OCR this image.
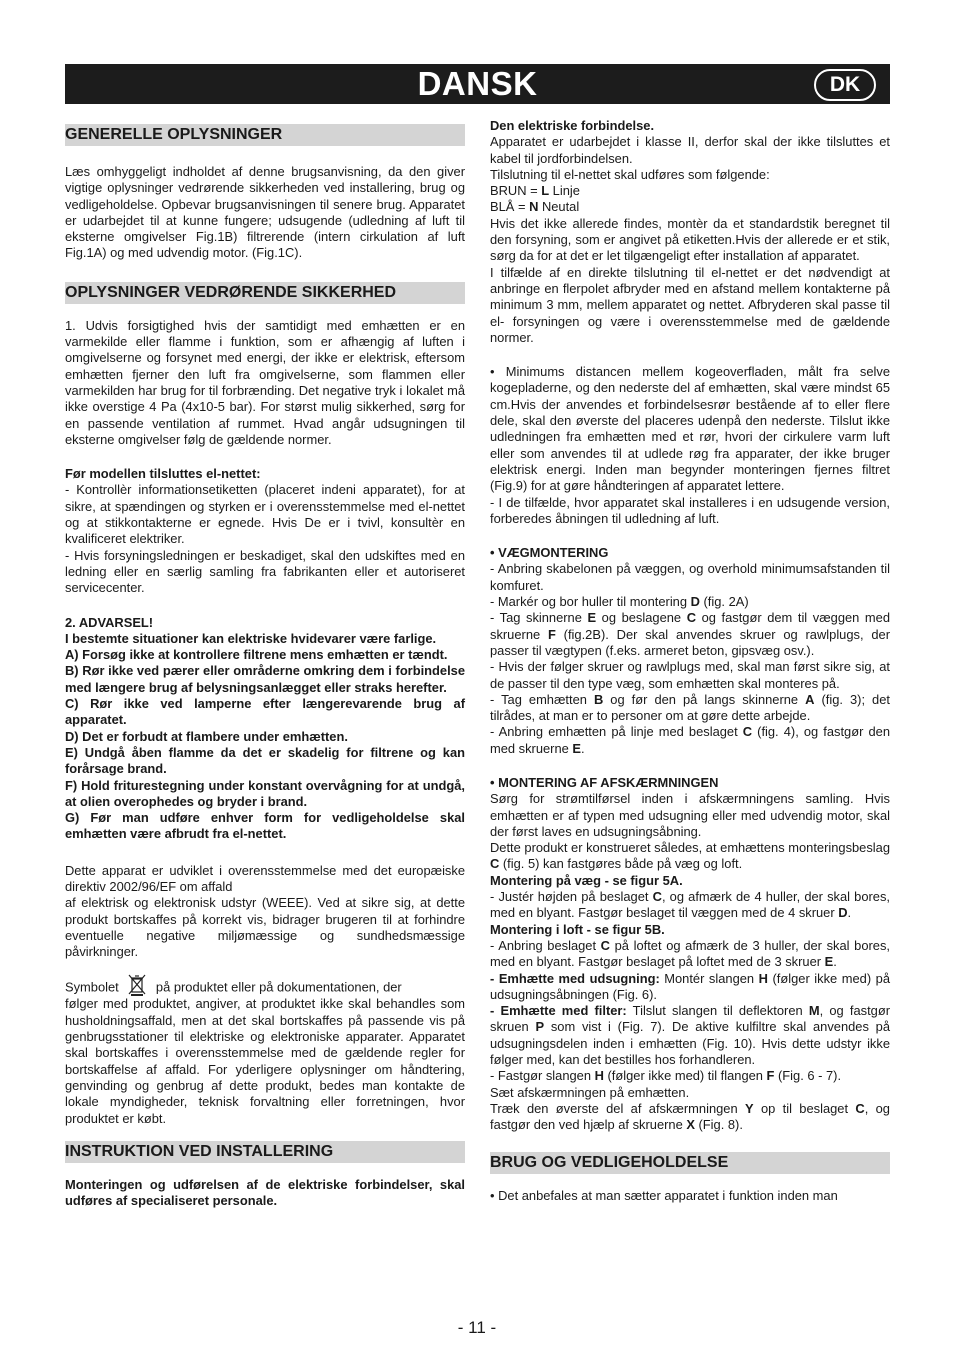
DANSK	DK
GENERELLE OPLYSNINGER

Læs omhyggeligt indholdet af denne brugsanvisning, da den giver vigtige oplysninger vedrørende sikkerheden ved installering, brug og vedligeholdelse. Opbevar brugsanvisningen til senere brug. Apparatet er udarbejdet til at kunne fungere; udsugende (udledning af luft til eksterne omgivelser Fig.1B) filtrerende (intern cirkulation af luft Fig.1A) og med udvendig motor. (Fig.1C).

OPLYSNINGER VEDRØRENDE SIKKERHED

1. Udvis forsigtighed hvis der samtidigt med emhætten er en varmekilde eller flamme i funktion, som er afhængig af luften i omgivelserne og forsynet med energi, der ikke er elektrisk, eftersom emhætten fjerner den luft fra omgivelserne, som flammen eller varmekilden har brug for til forbrænding. Det negative tryk i lokalet må ikke overstige 4 Pa (4x10-5 bar). For størst mulig sikkerhed, sørg for en passende ventilation af rummet. Hvad angår udsugningen til eksterne omgivelser følg de gældende normer.

Før modellen tilsluttes el-nettet:

- Kontrollèr informationsetiketten (placeret indeni apparatet), for at sikre, at spændingen og styrken er i overensstemmelse med el-nettet og at stikkontakterne er egnede. Hvis De er i tvivl, konsultèr en kvalificeret elektriker.

- Hvis forsyningsledningen er beskadiget, skal den udskiftes med en ledning eller en særlig samling fra fabrikanten eller et autoriseret servicecenter.

2. ADVARSEL!

I bestemte situationer kan elektriske hvidevarer være farlige.

A) Forsøg ikke at kontrollere filtrene mens emhætten er tændt.

B) Rør ikke ved pærer eller områderne omkring dem i forbindelse med længere brug af belysningsanlægget eller straks herefter.

C) Rør ikke ved lamperne efter længerevarende brug af apparatet.

D) Det er forbudt at flambere under emhætten.

E) Undgå åben flamme da det er skadelig for filtrene og kan forårsage brand.

F) Hold friturestegning under konstant overvågning for at undgå, at olien overophedes og bryder i brand.

G) Før man udføre enhver form for vedligeholdelse skal emhætten være afbrudt fra el-nettet.

Dette apparat er udviklet i overensstemmelse med det europæiske direktiv 2002/96/EF om affald

af elektrisk og elektronisk udstyr (WEEE). Ved at sikre sig, at dette produkt bortskaffes på korrekt vis, bidrager brugeren til at forhindre eventuelle negative miljømæssige og sundhedsmæssige påvirkninger.

Symbolet	på produktet eller på dokumentationen, der

følger med produktet, angiver, at produktet ikke skal behandles som husholdningsaffald, men at det skal bortskaffes på passende vis på genbrugsstationer til elektriske og elektroniske apparater. Apparatet skal bortskaffes i overensstemmelse med de gældende regler for bortskaffelse af affald. For yderligere oplysninger om håndtering, genvinding og genbrug af dette produkt, bedes man kontakte de lokale myndigheder, teknisk forvaltning eller forretningen, hvor produktet er købt.

INSTRUKTION VED INSTALLERING

Monteringen og udførelsen af de elektriske forbindelser, skal udføres af specialiseret personale.

Den elektriske forbindelse.

Apparatet er udarbejdet i klasse II, derfor skal der ikke tilsluttes et kabel til jordforbindelsen.

Tilslutning til el-nettet skal udføres som følgende:

BRUN = L Linje

BLÅ = N Neutal

Hvis det ikke allerede findes, montèr da et standardstik beregnet til den forsyning, som er angivet på etiketten.Hvis der allerede er et stik, sørg da for at det er let tilgængeligt efter installation af apparatet.

I tilfælde af en direkte tilslutning til el-nettet er det nødvendigt at anbringe en flerpolet afbryder med en afstand mellem kontakterne på minimum 3 mm, mellem apparatet og nettet. Afbryderen skal passe til el- forsyningen og være i overensstemmelse med de gældende normer.

• Minimums distancen mellem kogeoverfladen, målt fra selve kogepladerne, og den nederste del af emhætten, skal være mindst 65 cm.Hvis der anvendes et forbindelsesrør bestående af to eller flere dele, skal den øverste del placeres udenpå den nederste. Tilslut ikke udledningen fra emhætten med et rør, hvori der cirkulere varm luft eller som anvendes til at udlede røg fra apparater, der ikke bruger elektrisk energi. Inden man begynder monteringen fjernes filtret (Fig.9) for at gøre håndteringen af apparatet lettere.

- I de tilfælde, hvor apparatet skal installeres i en udsugende version, forberedes åbningen til udledning af luft.

• VÆGMONTERING

- Anbring skabelonen på væggen, og overhold minimumsafstanden til komfuret.

- Markér og bor huller til montering D (fig. 2A)

- Tag skinnerne E og beslagene C og fastgør dem til væggen med skruerne F (fig.2B). Der skal anvendes skruer og rawlplugs, der passer til vægtypen (f.eks. armeret beton, gipsvæg osv.).

- Hvis der følger skruer og rawlplugs med, skal man først sikre sig, at de passer til den type væg, som emhætten skal monteres på.

- Tag emhætten B og før den på langs skinnerne A (fig. 3); det tilrådes, at man er to personer om at gøre dette arbejde.

- Anbring emhætten på linje med beslaget C (fig. 4), og fastgør den med skruerne E.

• MONTERING AF AFSKÆRMNINGEN

Sørg for strømtilførsel inden i afskærmningens samling. Hvis emhætten er af typen med udsugning eller med udvendig motor, skal der først laves en udsugningsåbning.

Dette produkt er konstrueret således, at emhættens monteringsbeslag C (fig. 5) kan fastgøres både på væg og loft.

Montering på væg - se figur 5A.

- Justér højden på beslaget C, og afmærk de 4 huller, der skal bores, med en blyant. Fastgør beslaget til væggen med de 4 skruer D.

Montering i loft - se figur 5B.

- Anbring beslaget C på loftet og afmærk de 3 huller, der skal bores, med en blyant. Fastgør beslaget på loftet med de 3 skruer E.

- Emhætte med udsugning: Montér slangen H (følger ikke med) på udsugningsåbningen (Fig. 6).

- Emhætte med filter: Tilslut slangen til deflektoren M, og fastgør skruen P som vist i (Fig. 7). De aktive kulfiltre skal anvendes på udsugningsdelen inden i emhætten (Fig. 10). Hvis dette udstyr ikke følger med, kan det bestilles hos forhandleren.

- Fastgør slangen H (følger ikke med) til flangen F (Fig. 6 - 7).

Sæt afskærmningen på emhætten.

Træk den øverste del af afskærmningen Y op til beslaget C, og fastgør den ved hjælp af skruerne X (Fig. 8).

BRUG OG VEDLIGEHOLDELSE

• Det anbefales at man sætter apparatet i funktion inden man

- 11 -
